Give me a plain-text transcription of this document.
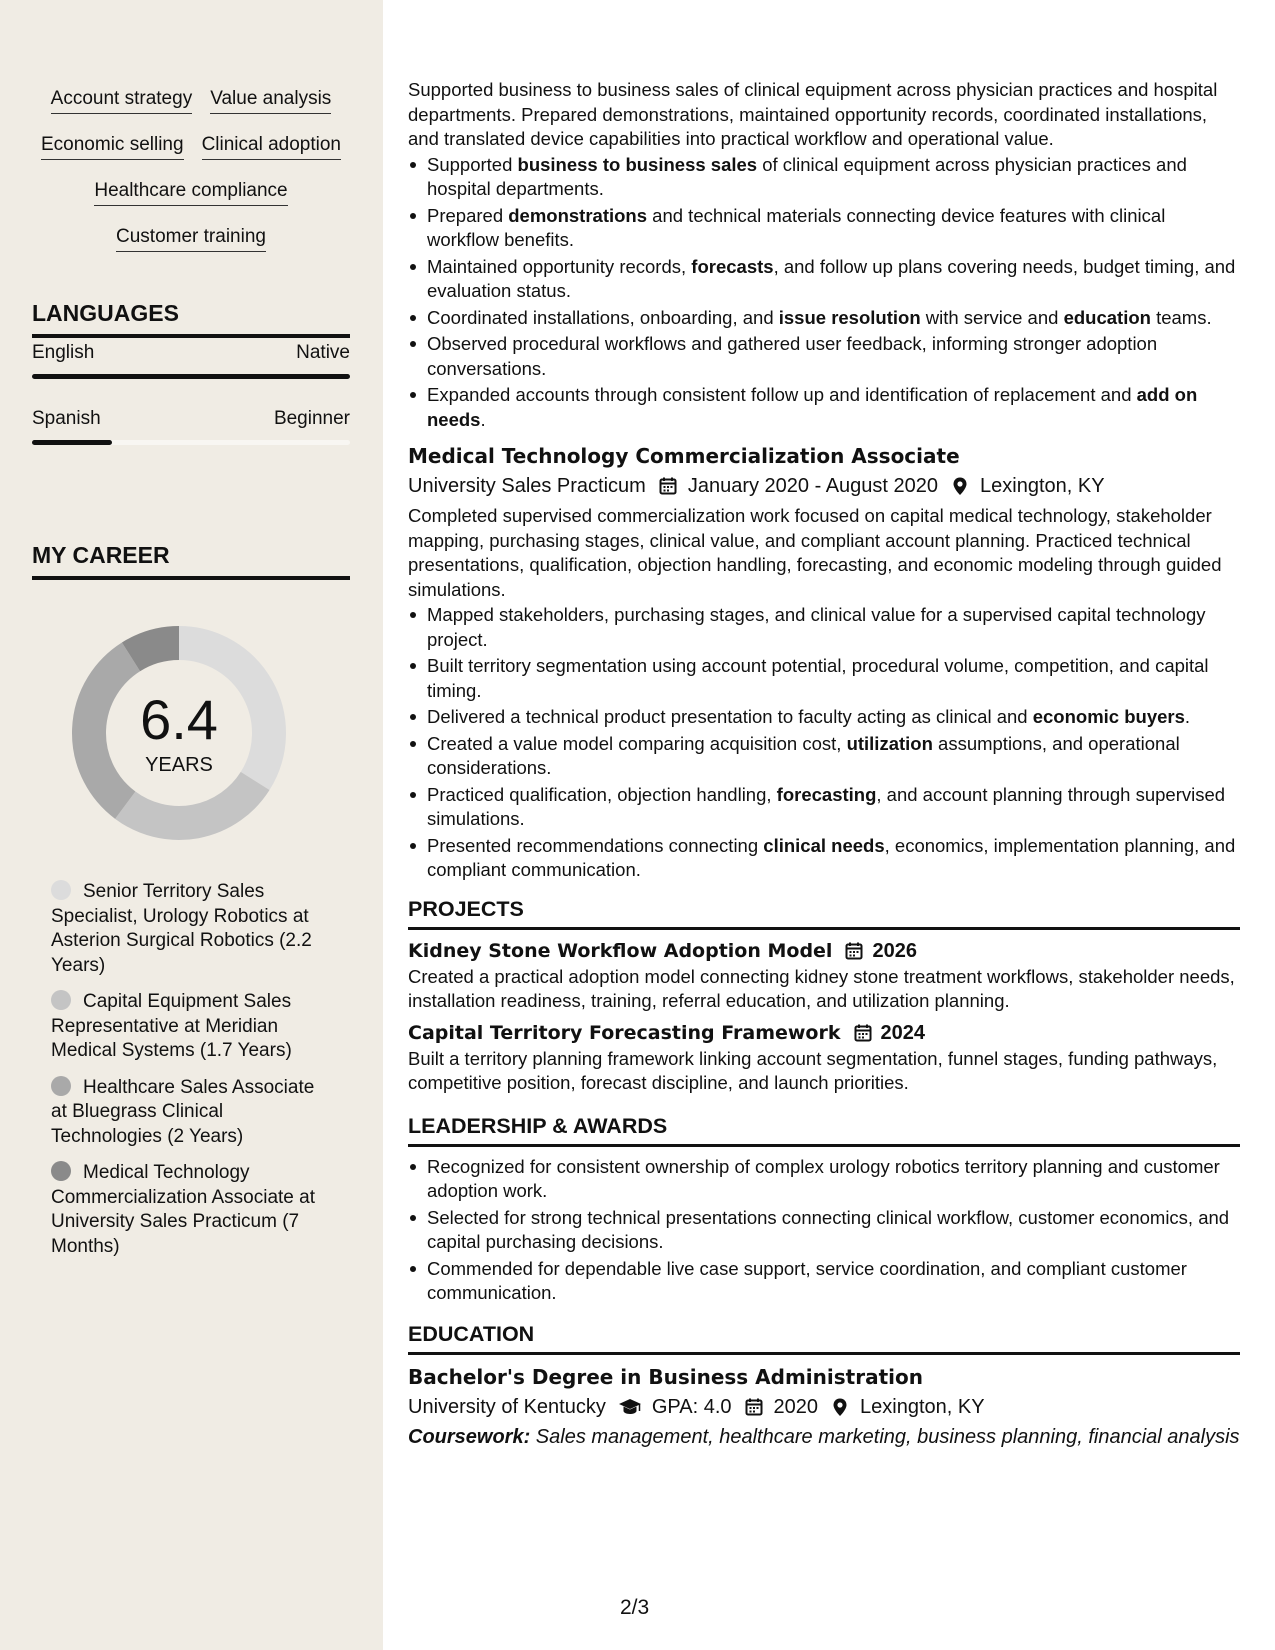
Account strategy Value analysis
Economic selling Clinical adoption
Healthcare compliance
Customer training
LANGUAGES
English	Native
Spanish	Beginner
MY CAREER
6.4
YEARS
Senior Territory Sales Specialist, Urology Robotics at Asterion Surgical Robotics (2.2 Years)
Capital Equipment Sales Representative at Meridian Medical Systems (1.7 Years)
Healthcare Sales Associate at Bluegrass Clinical Technologies (2 Years)
Medical Technology Commercialization Associate at University Sales Practicum (7 Months)
Supported business to business sales of clinical equipment across physician practices and hospital departments. Prepared demonstrations, maintained opportunity records, coordinated installations, and translated device capabilities into practical workflow and operational value.
Supported business to business sales of clinical equipment across physician practices and hospital departments.
Prepared demonstrations and technical materials connecting device features with clinical workflow benefits.
Maintained opportunity records, forecasts, and follow up plans covering needs, budget timing, and evaluation status.
Coordinated installations, onboarding, and issue resolution with service and education teams.
Observed procedural workflows and gathered user feedback, informing stronger adoption conversations.
Expanded accounts through consistent follow up and identification of replacement and add on needs.
Medical Technology Commercialization Associate
University Sales Practicum January 2020 - August 2020 Lexington, KY
Completed supervised commercialization work focused on capital medical technology, stakeholder mapping, purchasing stages, clinical value, and compliant account planning. Practiced technical presentations, qualification, objection handling, forecasting, and economic modeling through guided simulations.
Mapped stakeholders, purchasing stages, and clinical value for a supervised capital technology project.
Built territory segmentation using account potential, procedural volume, competition, and capital timing.
Delivered a technical product presentation to faculty acting as clinical and economic buyers.
Created a value model comparing acquisition cost, utilization assumptions, and operational considerations.
Practiced qualification, objection handling, forecasting, and account planning through supervised simulations.
Presented recommendations connecting clinical needs, economics, implementation planning, and compliant communication.
PROJECTS
Kidney Stone Workflow Adoption Model 2026
Created a practical adoption model connecting kidney stone treatment workflows, stakeholder needs, installation readiness, training, referral education, and utilization planning.
Capital Territory Forecasting Framework 2024
Built a territory planning framework linking account segmentation, funnel stages, funding pathways, competitive position, forecast discipline, and launch priorities.
LEADERSHIP & AWARDS
Recognized for consistent ownership of complex urology robotics territory planning and customer adoption work.
Selected for strong technical presentations connecting clinical workflow, customer economics, and capital purchasing decisions.
Commended for dependable live case support, service coordination, and compliant customer communication.
EDUCATION
Bachelor's Degree in Business Administration
University of Kentucky GPA: 4.0 2020 Lexington, KY
Coursework: Sales management, healthcare marketing, business planning, financial analysis
2/3
